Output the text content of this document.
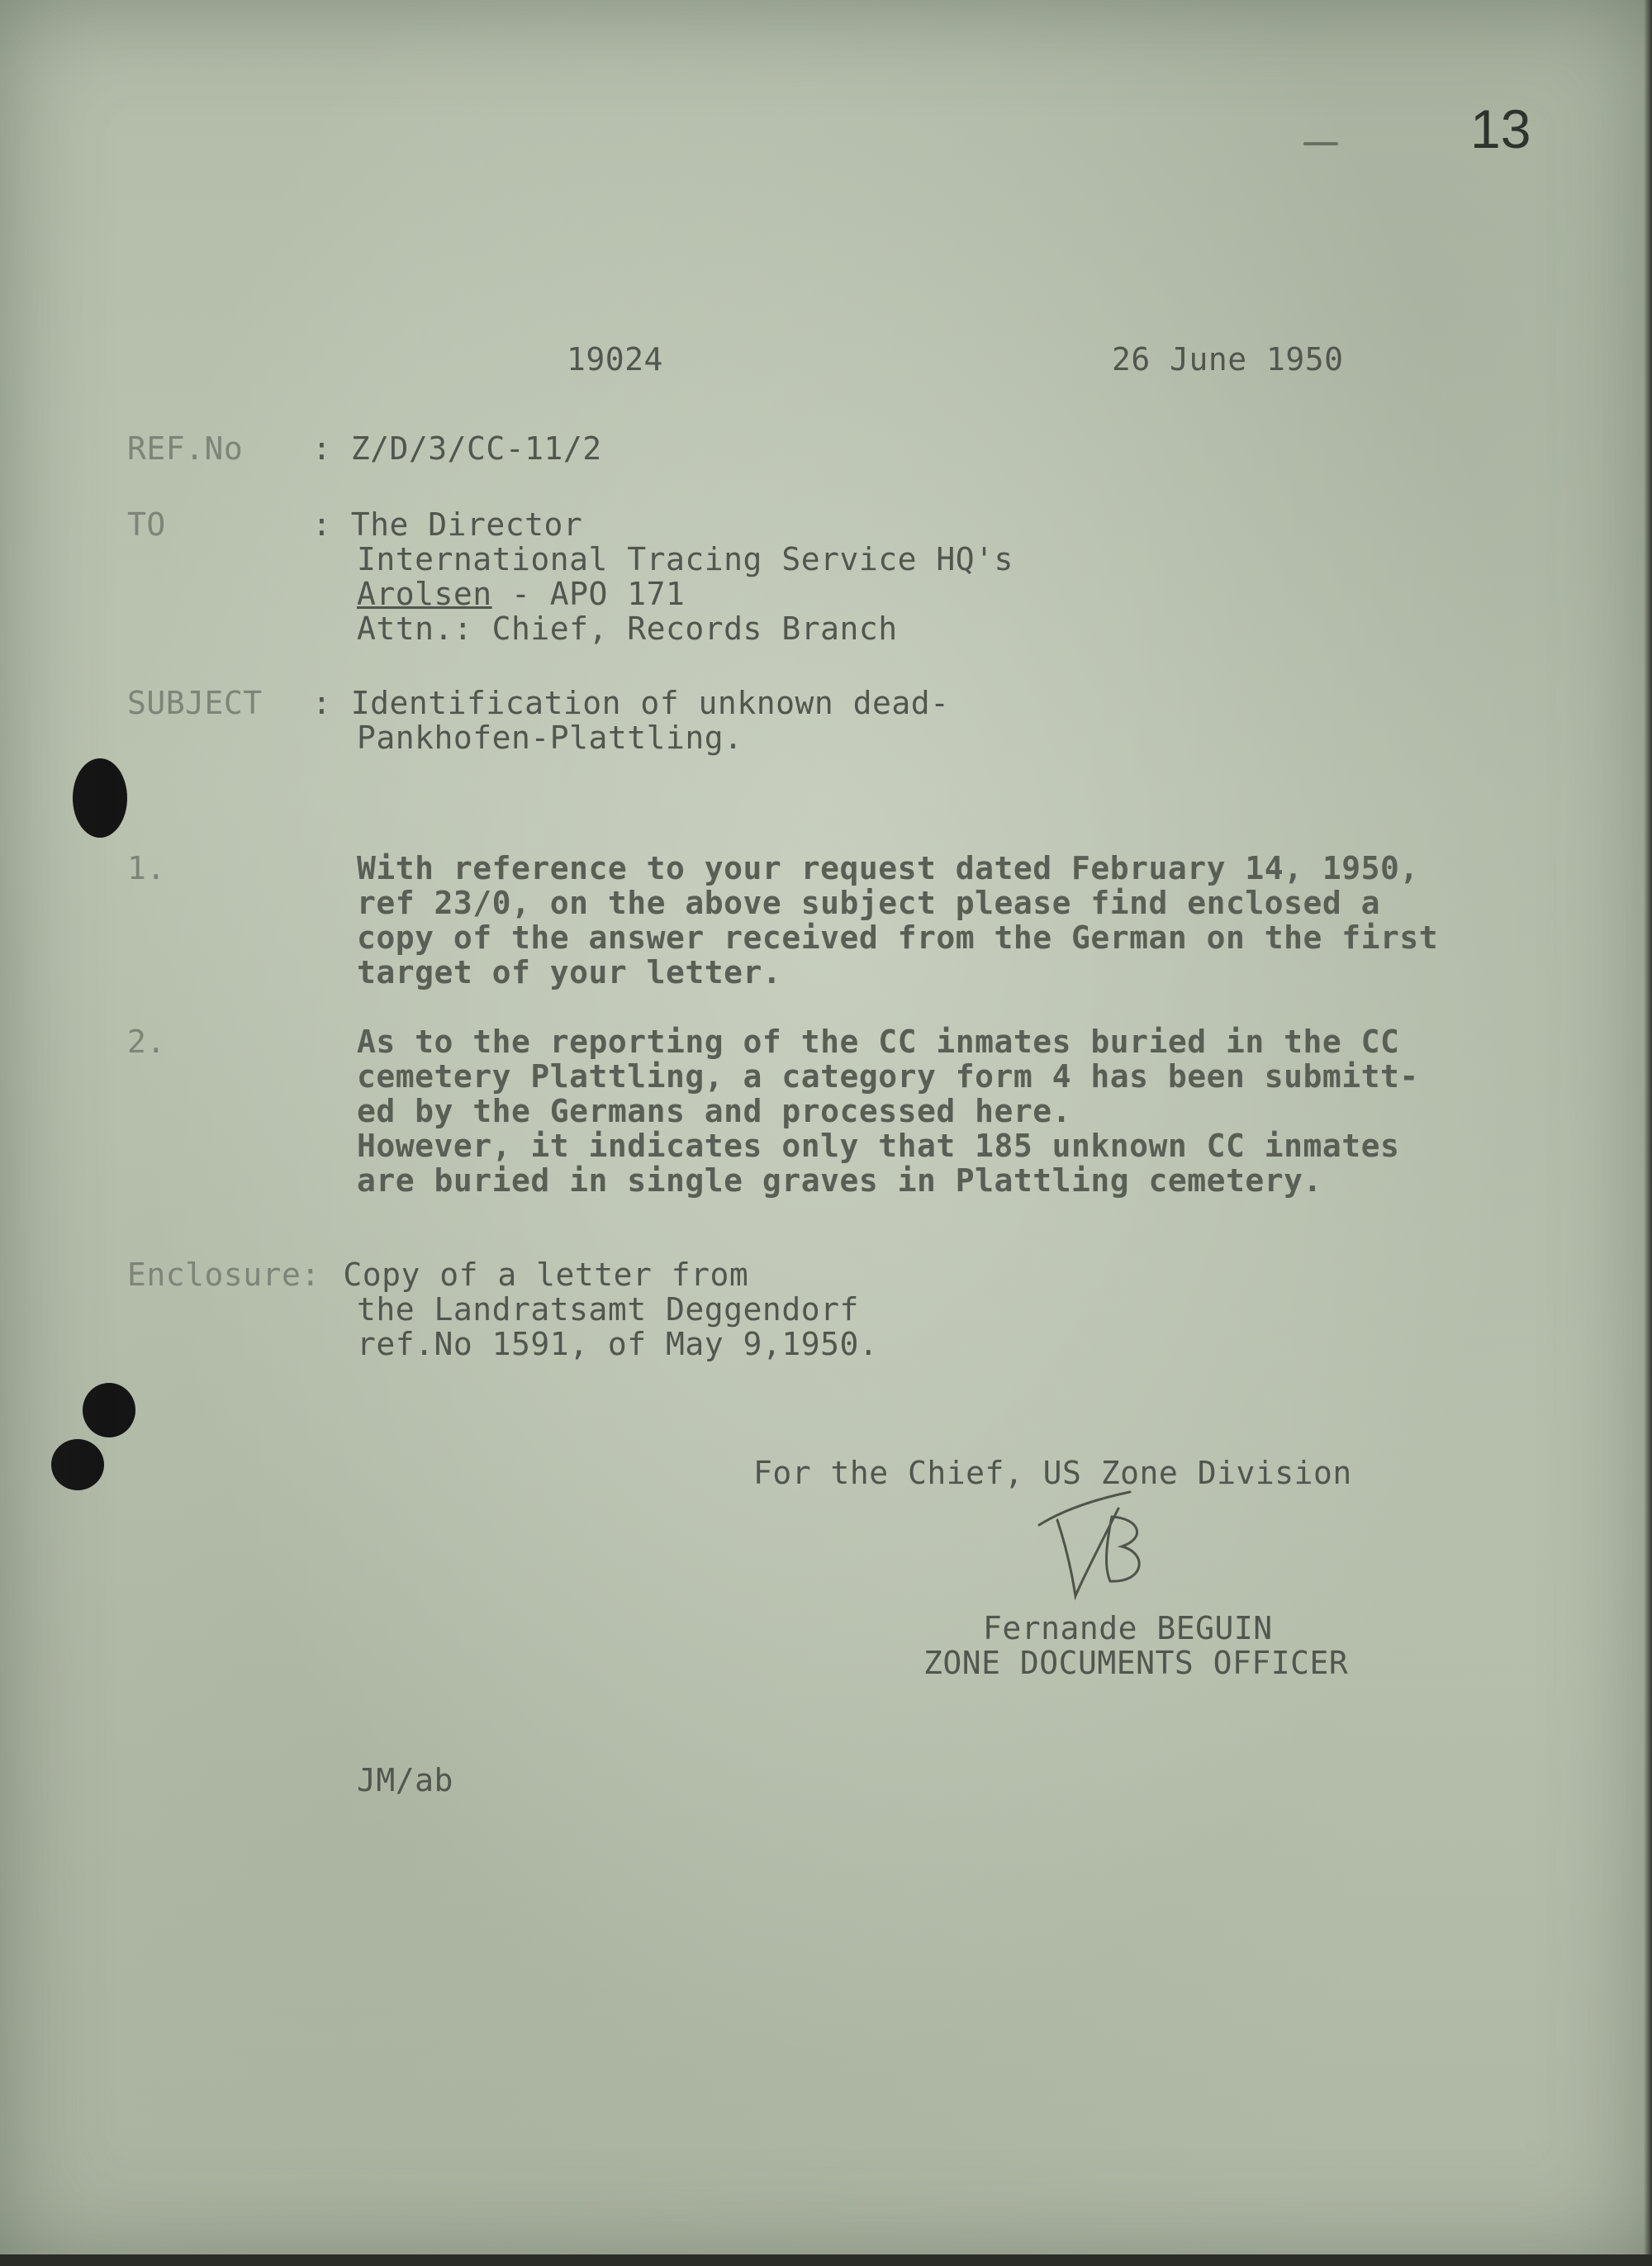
13
19024	26 June 1950
REF.No : Z/D/3/CC-11/2
TO	: The Director
International Tracing Service HQ's
Arolsen - APO 171
Attn.: Chief, Records Branch
SUBJECT : Identification of unknown dead-
Pankhofen-Plattling.
1.	With reference to your request dated February 14, 1950,
ref 23/0, on the above subject please find enclosed a
copy of the answer received from the German on the first
target of your letter.
2.	As to the reporting of the CC inmates buried in the CC
cemetery Plattling, a category form 4 has been submitt-
ed by the Germans and processed here.
However, it indicates only that 185 unknown CC inmates
are buried in single graves in Plattling cemetery.
Enclosure: Copy of a letter from
the Landratsamt Deggendorf
ref.No 1591, of May 9,1950.
For the Chief, US Zone Division
Fernande BEGUIN
ZONE DOCUMENTS OFFICER
JM/ab
